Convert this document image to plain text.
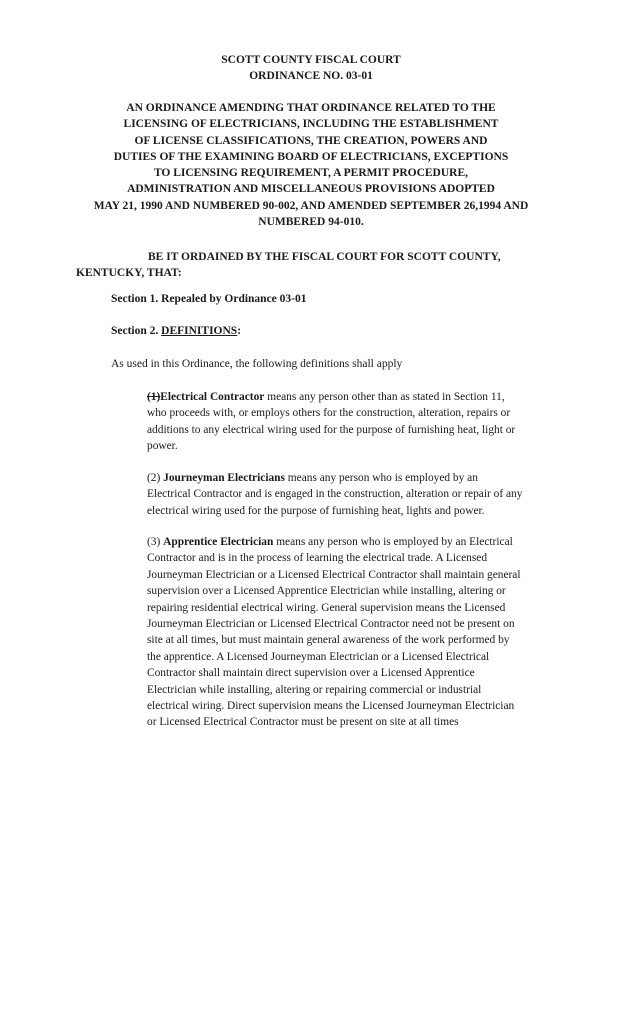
SCOTT COUNTY FISCAL COURT
ORDINANCE NO. 03-01
AN ORDINANCE AMENDING THAT ORDINANCE RELATED TO THE
LICENSING OF ELECTRICIANS, INCLUDING THE ESTABLISHMENT
OF LICENSE CLASSIFICATIONS, THE CREATION, POWERS AND
DUTIES OF THE EXAMINING BOARD OF ELECTRICIANS, EXCEPTIONS
TO LICENSING REQUIREMENT, A PERMIT PROCEDURE,
ADMINISTRATION AND MISCELLANEOUS PROVISIONS ADOPTED
MAY 21, 1990 AND NUMBERED 90-002, AND AMENDED SEPTEMBER 26,1994 AND
NUMBERED 94-010.
BE IT ORDAINED BY THE FISCAL COURT FOR SCOTT COUNTY,
KENTUCKY, THAT:
Section 1. Repealed by Ordinance 03-01
Section 2. DEFINITIONS:
As used in this Ordinance, the following definitions shall apply
(1)Electrical Contractor means any person other than as stated in Section 11,
who proceeds with, or employs others for the construction, alteration, repairs or
additions to any electrical wiring used for the purpose of furnishing heat, light or
power.
(2) Journeyman Electricians means any person who is employed by an
Electrical Contractor and is engaged in the construction, alteration or repair of any
electrical wiring used for the purpose of furnishing heat, lights and power.
(3) Apprentice Electrician means any person who is employed by an Electrical
Contractor and is in the process of learning the electrical trade. A Licensed
Journeyman Electrician or a Licensed Electrical Contractor shall maintain general
supervision over a Licensed Apprentice Electrician while installing, altering or
repairing residential electrical wiring. General supervision means the Licensed
Journeyman Electrician or Licensed Electrical Contractor need not be present on
site at all times, but must maintain general awareness of the work performed by
the apprentice. A Licensed Journeyman Electrician or a Licensed Electrical
Contractor shall maintain direct supervision over a Licensed Apprentice
Electrician while installing, altering or repairing commercial or industrial
electrical wiring. Direct supervision means the Licensed Journeyman Electrician
or Licensed Electrical Contractor must be present on site at all times
